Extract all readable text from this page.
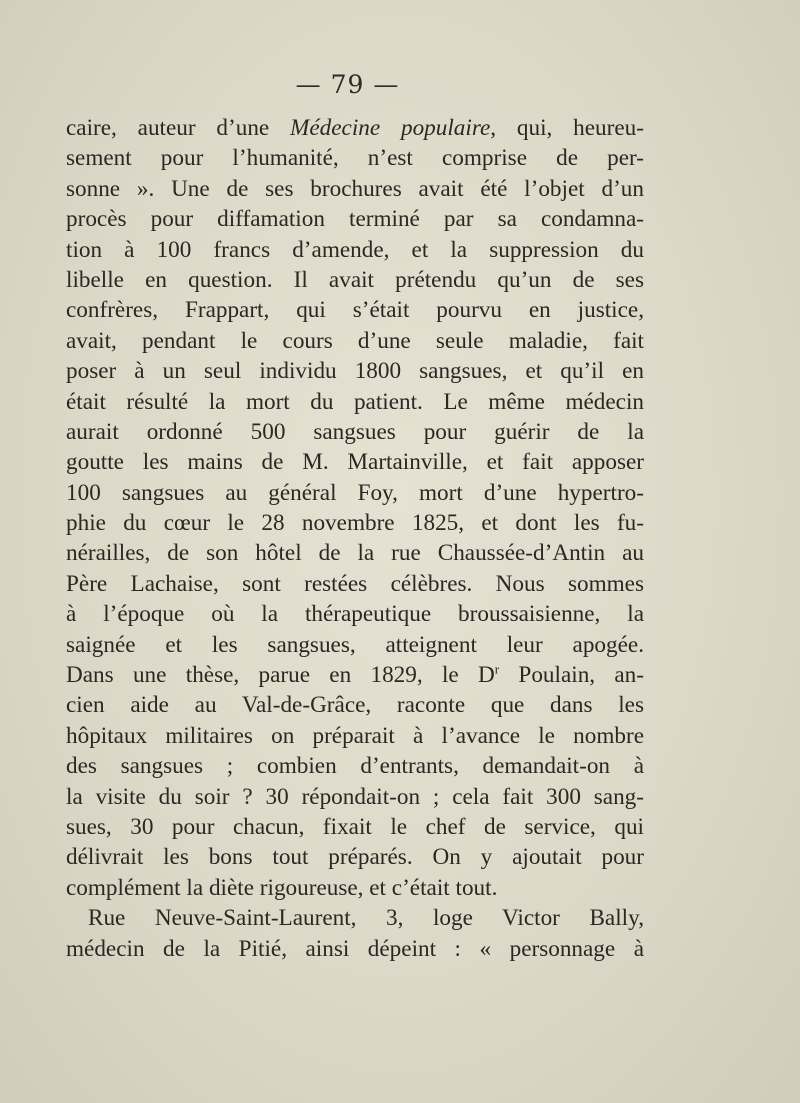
— 79 —
caire, auteur d’une Médecine populaire, qui, heureu-
sement pour l’humanité, n’est comprise de per-
sonne ». Une de ses brochures avait été l’objet d’un
procès pour diffamation terminé par sa condamna-
tion à 100 francs d’amende, et la suppression du
libelle en question. Il avait prétendu qu’un de ses
confrères, Frappart, qui s’était pourvu en justice,
avait, pendant le cours d’une seule maladie, fait
poser à un seul individu 1800 sangsues, et qu’il en
était résulté la mort du patient. Le même médecin
aurait ordonné 500 sangsues pour guérir de la
goutte les mains de M. Martainville, et fait apposer
100 sangsues au général Foy, mort d’une hypertro-
phie du cœur le 28 novembre 1825, et dont les fu-
nérailles, de son hôtel de la rue Chaussée-d’Antin au
Père Lachaise, sont restées célèbres. Nous sommes
à l’époque où la thérapeutique broussaisienne, la
saignée et les sangsues, atteignent leur apogée.
Dans une thèse, parue en 1829, le $D^r$ Poulain, an-
cien aide au Val-de-Grâce, raconte que dans les
hôpitaux militaires on préparait à l’avance le nombre
des sangsues ; combien d’entrants, demandait-on à
la visite du soir ? 30 répondait-on ; cela fait 300 sang-
sues, 30 pour chacun, fixait le chef de service, qui
délivrait les bons tout préparés. On y ajoutait pour
complément la diète rigoureuse, et c’était tout.
Rue Neuve-Saint-Laurent, 3, loge Victor Bally,
médecin de la Pitié, ainsi dépeint : « personnage à
